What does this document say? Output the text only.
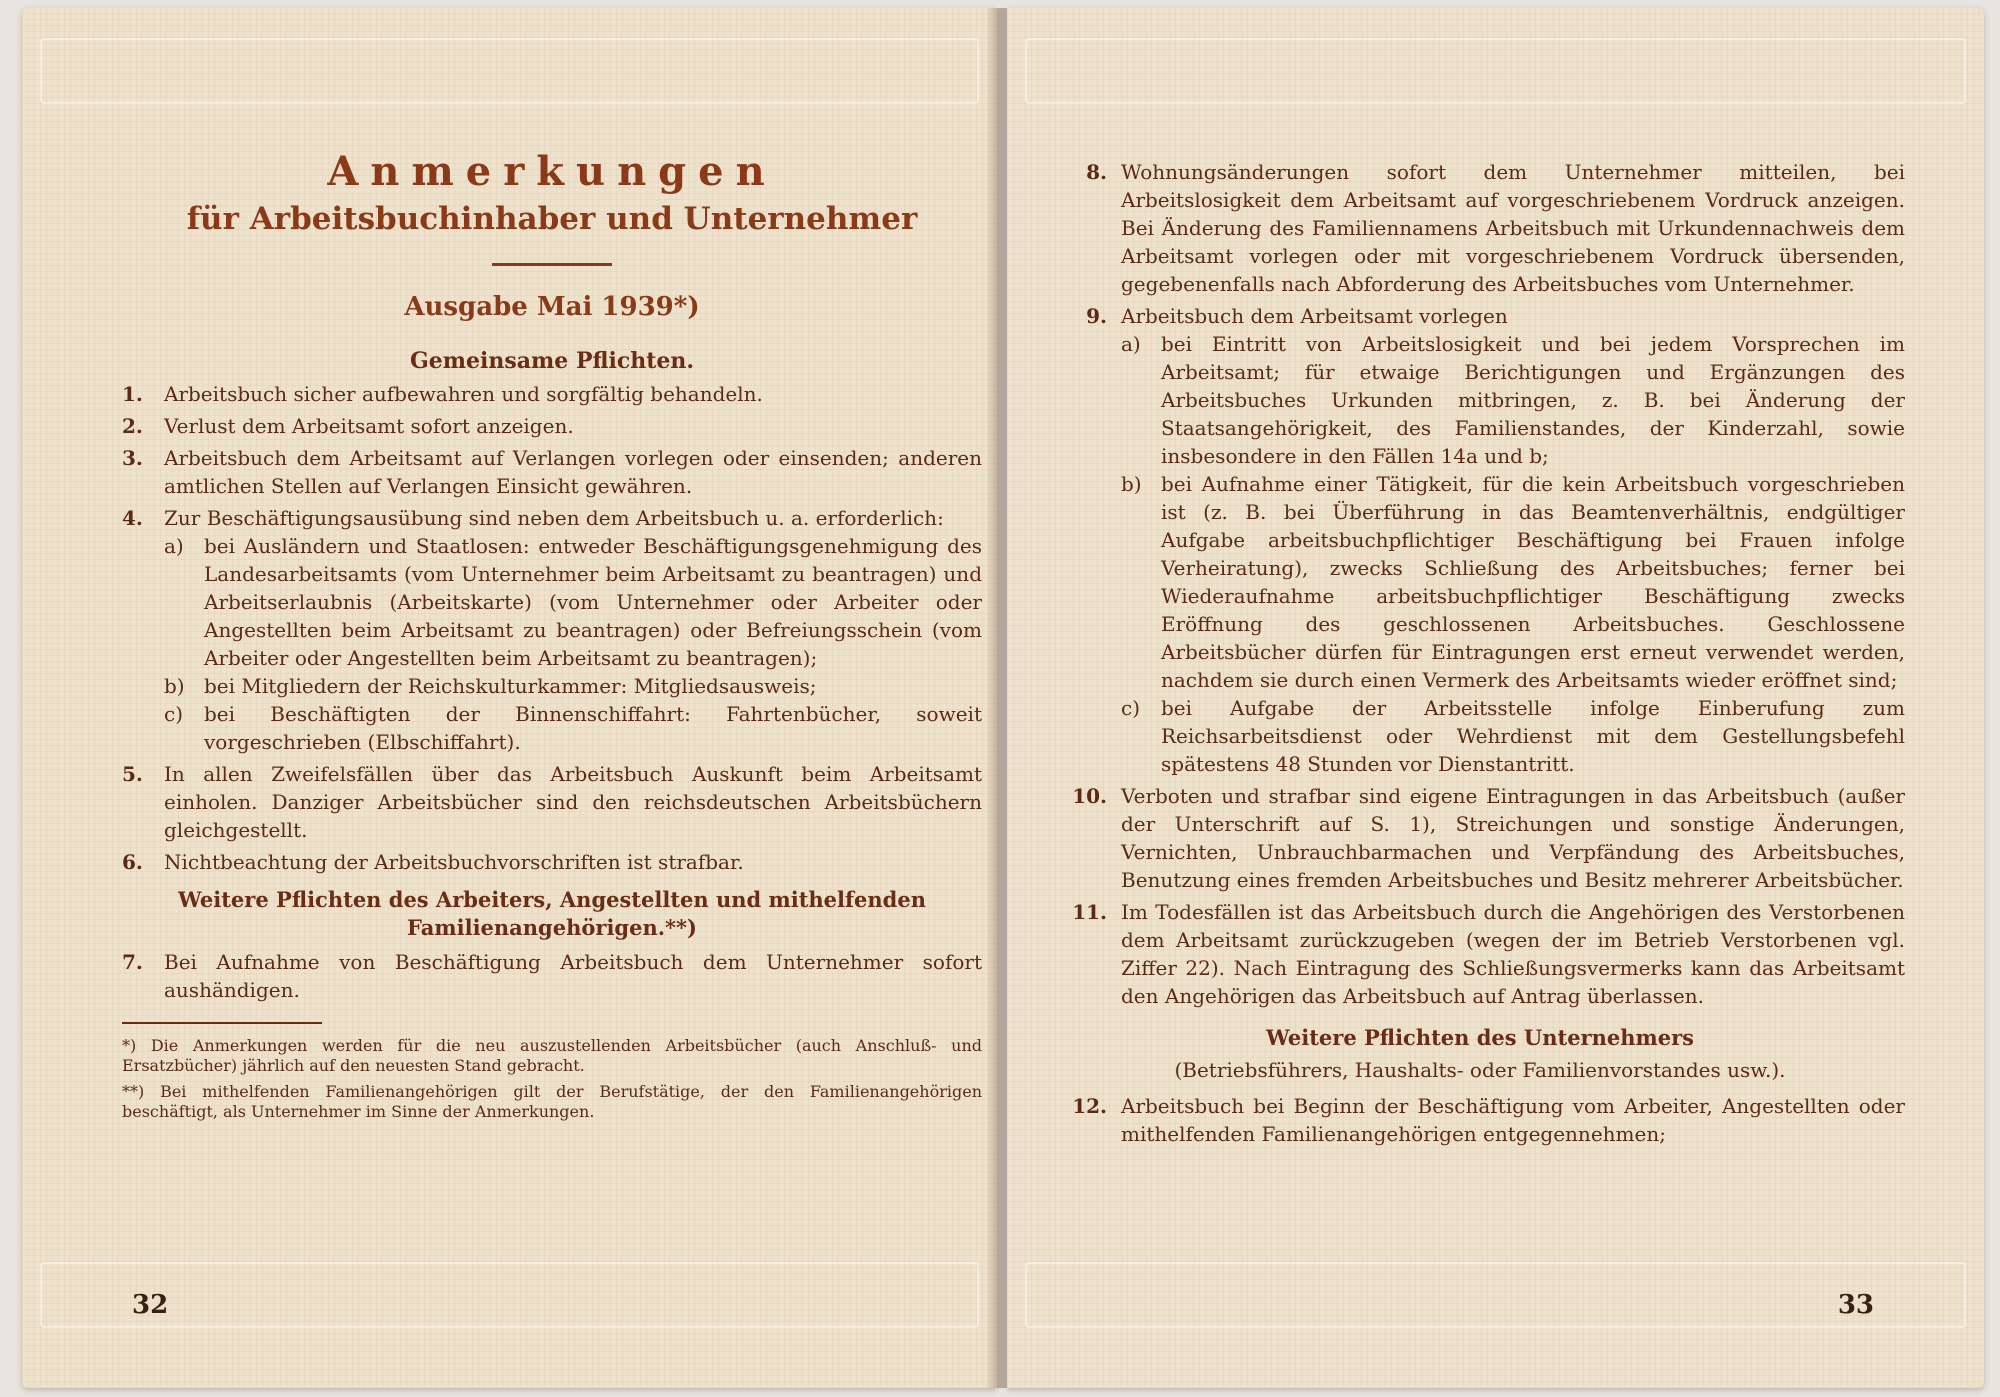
Anmerkungen
für Arbeitsbuchinhaber und Unternehmer
Ausgabe Mai 1939*)
Gemeinsame Pflichten.
1.	Arbeitsbuch sicher aufbewahren und sorgfältig behandeln.
2.	Verlust dem Arbeitsamt sofort anzeigen.
3.	Arbeitsbuch dem Arbeitsamt auf Verlangen vorlegen oder einsenden; anderen amtlichen Stellen auf Verlangen Einsicht gewähren.
4.	Zur Beschäftigungsausübung sind neben dem Arbeitsbuch u. a. erforderlich:
a)	bei Ausländern und Staatlosen: entweder Beschäftigungsgenehmigung des Landesarbeitsamts (vom Unternehmer beim Arbeitsamt zu beantragen) und Arbeitserlaubnis (Arbeitskarte) (vom Unternehmer oder Arbeiter oder Angestellten beim Arbeitsamt zu beantragen) oder Befreiungsschein (vom Arbeiter oder Angestellten beim Arbeitsamt zu beantragen);
b) bei Mitgliedern der Reichskulturkammer: Mitgliedsausweis;
c)	bei Beschäftigten der Binnenschiffahrt: Fahrtenbücher, soweit vorgeschrieben (Elbschiffahrt).
5.	In allen Zweifelsfällen über das Arbeitsbuch Auskunft beim Arbeitsamt einholen. Danziger Arbeitsbücher sind den reichsdeutschen Arbeitsbüchern gleichgestellt.
6.	Nichtbeachtung der Arbeitsbuchvorschriften ist strafbar.
Weitere Pflichten des Arbeiters, Angestellten und mithelfenden Familienangehörigen.**)
7.	Bei Aufnahme von Beschäftigung Arbeitsbuch dem Unternehmer sofort aushändigen.
*) Die Anmerkungen werden für die neu auszustellenden Arbeitsbücher (auch Anschluß- und Ersatzbücher) jährlich auf den neuesten Stand gebracht.
**) Bei mithelfenden Familienangehörigen gilt der Berufstätige, der den Familienangehörigen beschäftigt, als Unternehmer im Sinne der Anmerkungen.
32
8. Wohnungsänderungen sofort dem Unternehmer mitteilen, bei Arbeitslosigkeit dem Arbeitsamt auf vorgeschriebenem Vordruck anzeigen. Bei Änderung des Familiennamens Arbeitsbuch mit Urkundennachweis dem Arbeitsamt vorlegen oder mit vorgeschriebenem Vordruck übersenden, gegebenenfalls nach Abforderung des Arbeitsbuches vom Unternehmer.
9. Arbeitsbuch dem Arbeitsamt vorlegen
a)	bei Eintritt von Arbeitslosigkeit und bei jedem Vorsprechen im Arbeitsamt; für etwaige Berichtigungen und Ergänzungen des Arbeitsbuches Urkunden mitbringen, z. B. bei Änderung der Staatsangehörigkeit, des Familienstandes, der Kinderzahl, sowie insbesondere in den Fällen 14a und b;
b) bei Aufnahme einer Tätigkeit, für die kein Arbeitsbuch vorgeschrieben ist (z. B. bei Überführung in das Beamtenverhältnis, endgültiger Aufgabe arbeitsbuchpflichtiger Beschäftigung bei Frauen infolge Verheiratung), zwecks Schließung des Arbeitsbuches; ferner bei Wiederaufnahme arbeitsbuchpflichtiger Beschäftigung zwecks Eröffnung des geschlossenen Arbeitsbuches. Geschlossene Arbeitsbücher dürfen für Eintragungen erst erneut verwendet werden, nachdem sie durch einen Vermerk des Arbeitsamts wieder eröffnet sind;
c)	bei Aufgabe der Arbeitsstelle infolge Einberufung zum Reichsarbeitsdienst oder Wehrdienst mit dem Gestellungsbefehl spätestens 48 Stunden vor Dienstantritt.
10. Verboten und strafbar sind eigene Eintragungen in das Arbeitsbuch (außer der Unterschrift auf S. 1), Streichungen und sonstige Änderungen, Vernichten, Unbrauchbarmachen und Verpfändung des Arbeitsbuches, Benutzung eines fremden Arbeitsbuches und Besitz mehrerer Arbeitsbücher.
11. Im Todesfällen ist das Arbeitsbuch durch die Angehörigen des Verstorbenen dem Arbeitsamt zurückzugeben (wegen der im Betrieb Verstorbenen vgl. Ziffer 22). Nach Eintragung des Schließungsvermerks kann das Arbeitsamt den Angehörigen das Arbeitsbuch auf Antrag überlassen.
Weitere Pflichten des Unternehmers
(Betriebsführers, Haushalts- oder Familienvorstandes usw.).
12. Arbeitsbuch bei Beginn der Beschäftigung vom Arbeiter, Angestellten oder mithelfenden Familienangehörigen entgegennehmen;
33
